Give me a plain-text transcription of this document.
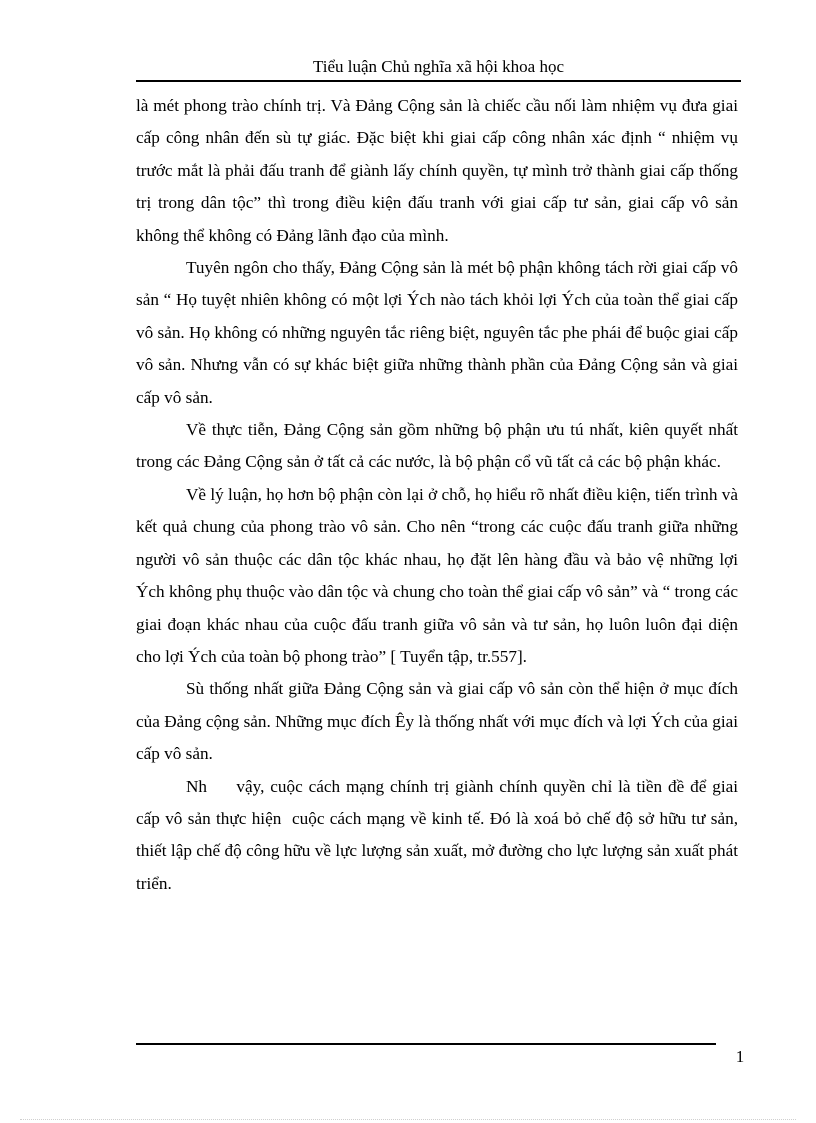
Tiểu luận Chủ nghĩa xã hội khoa học

là mét phong trào chính trị. Và Đảng Cộng sản là chiếc cầu nối làm nhiệm vụ đưa giai cấp công nhân đến sù tự giác. Đặc biệt khi giai cấp công nhân xác định “ nhiệm vụ trước mắt là phải đấu tranh để giành lấy chính quyền, tự mình trở thành giai cấp thống trị trong dân tộc” thì trong điều kiện đấu tranh với giai cấp tư sản, giai cấp vô sản không thể không có Đảng lãnh đạo của mình.

Tuyên ngôn cho thấy, Đảng Cộng sản là mét bộ phận không tách rời giai cấp vô sản “ Họ tuyệt nhiên không có một lợi Ých nào tách khỏi lợi Ých của toàn thể giai cấp vô sản. Họ không có những nguyên tắc riêng biệt, nguyên tắc phe phái để buộc giai cấp vô sản. Nhưng vẫn có sự khác biệt giữa những thành phần của Đảng Cộng sản và giai cấp vô sản.

Về thực tiễn, Đảng Cộng sản gồm những bộ phận ưu tú nhất, kiên quyết nhất trong các Đảng Cộng sản ở tất cả các nước, là bộ phận cổ vũ tất cả các bộ phận khác.

Về lý luận, họ hơn bộ phận còn lại ở chỗ, họ hiểu rõ nhất điều kiện, tiến trình và kết quả chung của phong trào vô sản. Cho nên “trong các cuộc đấu tranh giữa những người vô sản thuộc các dân tộc khác nhau, họ đặt lên hàng đầu và bảo vệ những lợi Ých không phụ thuộc vào dân tộc và chung cho toàn thể giai cấp vô sản” và “ trong các giai đoạn khác nhau của cuộc đấu tranh giữa vô sản và tư sản, họ luôn luôn đại diện cho lợi Ých của toàn bộ phong trào” [ Tuyển tập, tr.557].

Sù thống nhất giữa Đảng Cộng sản và giai cấp vô sản còn thể hiện ở mục đích của Đảng cộng sản. Những mục đích Êy là thống nhất với mục đích và lợi Ých của giai cấp vô sản.

Nh     vậy, cuộc cách mạng chính trị giành chính quyền chỉ là tiền đề để giai  cấp vô sản thực hiện  cuộc cách mạng về kinh tế. Đó là xoá bỏ chế độ sở hữu tư sản, thiết lập chế độ công hữu về lực lượng sản xuất, mở đường cho lực lượng sản xuất phát triển.

1
